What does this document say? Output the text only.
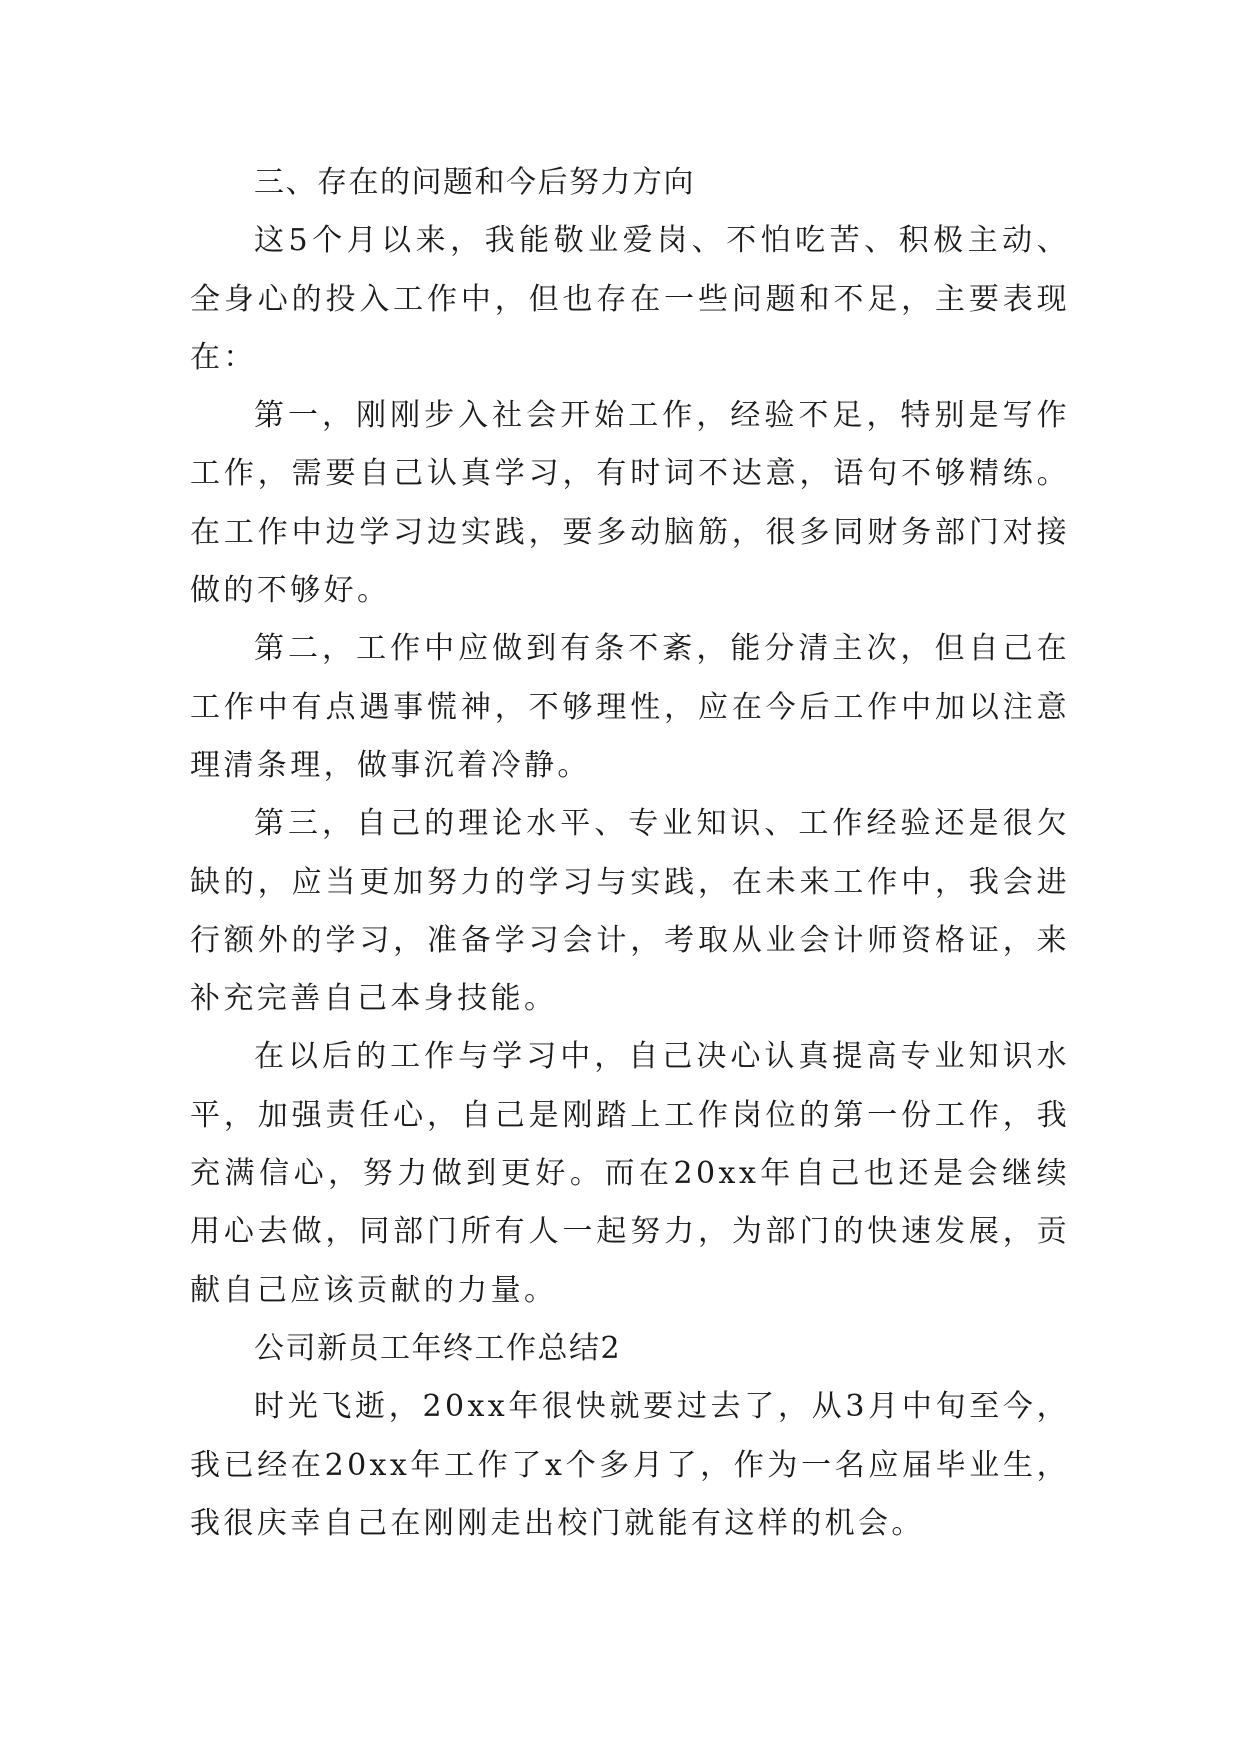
三、存在的问题和今后努力方向

这5个月以来，我能敬业爱岗、不怕吃苦、积极主动、全身心的投入工作中，但也存在一些问题和不足，主要表现在：

第一，刚刚步入社会开始工作，经验不足，特别是写作工作，需要自己认真学习，有时词不达意，语句不够精练。在工作中边学习边实践，要多动脑筋，很多同财务部门对接做的不够好。

第二，工作中应做到有条不紊，能分清主次，但自己在工作中有点遇事慌神，不够理性，应在今后工作中加以注意理清条理，做事沉着冷静。

第三，自己的理论水平、专业知识、工作经验还是很欠缺的，应当更加努力的学习与实践，在未来工作中，我会进行额外的学习，准备学习会计，考取从业会计师资格证，来补充完善自己本身技能。

在以后的工作与学习中，自己决心认真提高专业知识水平，加强责任心，自己是刚踏上工作岗位的第一份工作，我充满信心，努力做到更好。而在20xx年自己也还是会继续用心去做，同部门所有人一起努力，为部门的快速发展，贡献自己应该贡献的力量。

公司新员工年终工作总结2

时光飞逝，20xx年很快就要过去了，从3月中旬至今，我已经在20xx年工作了x个多月了，作为一名应届毕业生，我很庆幸自己在刚刚走出校门就能有这样的机会。
